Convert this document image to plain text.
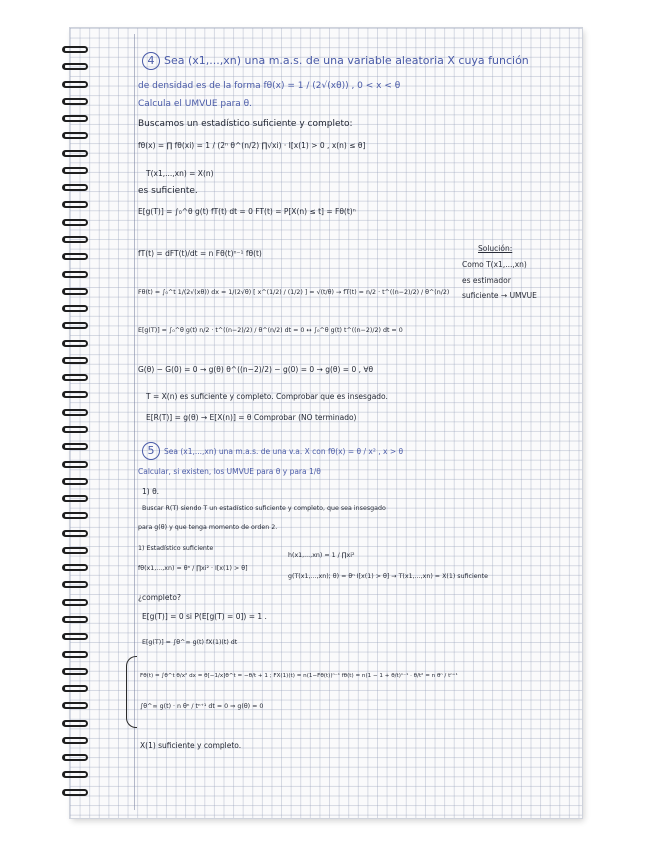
4 Sea (x1,...,xn) una m.a.s. de una variable aleatoria X cuya función
de densidad es de la forma fθ(x) = 1 / (2√(xθ)) , 0 < x < θ
Calcula el UMVUE para θ.
Buscamos un estadístico suficiente y completo:
fθ(x) = ∏ fθ(xi) = 1 / (2ⁿ θ^(n/2) ∏√xi) · I[x(1) > 0 , x(n) ≤ θ]
T(x1,...,xn) = X(n)
es suficiente.
E[g(T)] = ∫₀^θ g(t) fT(t) dt = 0 FT(t) = P[X(n) ≤ t] = Fθ(t)ⁿ
fT(t) = dFT(t)/dt = n Fθ(t)ⁿ⁻¹ fθ(t)
Fθ(t) = ∫₀^t 1/(2√(xθ)) dx = 1/(2√θ) [ x^(1/2) / (1/2) ] = √(t/θ) → fT(t) = n/2 · t^((n−2)/2) / θ^(n/2)
E[g(T)] = ∫₀^θ g(t) n/2 · t^((n−2)/2) / θ^(n/2) dt = 0 ↔ ∫₀^θ g(t) t^((n−2)/2) dt = 0
G(θ) − G(0) = 0 → g(θ) θ^((n−2)/2) − g(0) = 0 → g(θ) = 0 , ∀θ
T = X(n) es suficiente y completo. Comprobar que es insesgado.
E[R(T)] = g(θ) → E[X(n)] = θ Comprobar (NO terminado)
Solución:
Como T(x1,...,xn)
es estimador
suficiente → UMVUE
5 Sea (x1,...,xn) una m.a.s. de una v.a. X con fθ(x) = θ / x² , x > θ
Calcular, si existen, los UMVUE para θ y para 1/θ
1) θ.
Buscar R(T) siendo T un estadístico suficiente y completo, que sea insesgado
para g(θ) y que tenga momento de orden 2.
1) Estadístico suficiente
fθ(x1,...,xn) = θⁿ / ∏xi² · I[x(1) > θ]
h(x1,...,xn) = 1 / ∏xi²
g(T(x1,...,xn); θ) = θⁿ I[x(1) > θ] → T(x1,...,xn) = X(1) suficiente
¿completo?
E[g(T)] = 0 si P(E[g(T) = 0]) = 1 .
E[g(T)] = ∫θ^∞ g(t) fX(1)(t) dt
Fθ(t) = ∫θ^t θ/x² dx = θ[−1/x]θ^t = −θ/t + 1 ; FX(1)(t) = n(1−Fθ(t))ⁿ⁻¹ fθ(t) = n(1 − 1 + θ/t)ⁿ⁻¹ · θ/t² = n θⁿ / tⁿ⁺¹
∫θ^∞ g(t) · n θⁿ / tⁿ⁺¹ dt = 0 ⇒ g(θ) = 0
X(1) suficiente y completo.
